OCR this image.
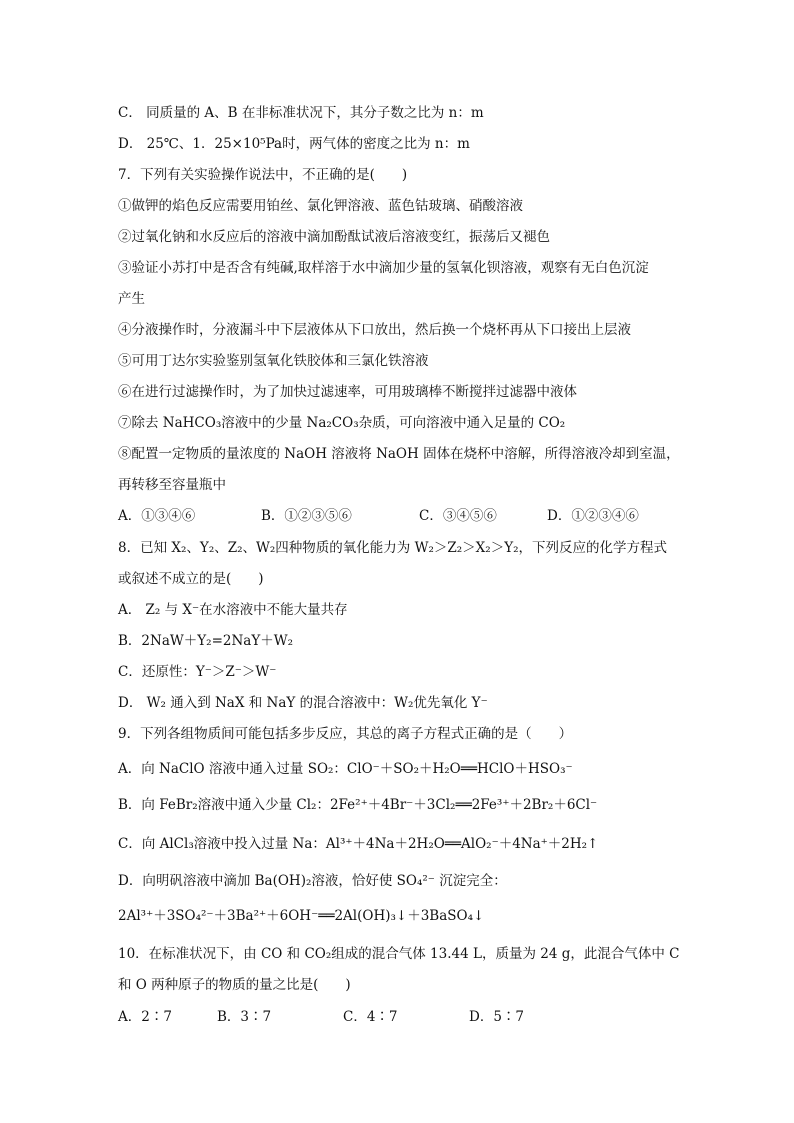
C． 同质量的 A、B 在非标准状况下，其分子数之比为 n：m
D． 25℃、1．25×10⁵Pa时，两气体的密度之比为 n：m
7．下列有关实验操作说法中，不正确的是(　　)
①做钾的焰色反应需要用铂丝、氯化钾溶液、蓝色钴玻璃、硝酸溶液
②过氧化钠和水反应后的溶液中滴加酚酞试液后溶液变红，振荡后又褪色
③验证小苏打中是否含有纯碱,取样溶于水中滴加少量的氢氧化钡溶液，观察有无白色沉淀
产生
④分液操作时，分液漏斗中下层液体从下口放出，然后换一个烧杯再从下口接出上层液
⑤可用丁达尔实验鉴别氢氧化铁胶体和三氯化铁溶液
⑥在进行过滤操作时，为了加快过滤速率，可用玻璃棒不断搅拌过滤器中液体
⑦除去 NaHCO₃溶液中的少量 Na₂CO₃杂质，可向溶液中通入足量的 CO₂
⑧配置一定物质的量浓度的 NaOH 溶液将 NaOH 固体在烧杯中溶解，所得溶液冷却到室温，
再转移至容量瓶中
A．①③④⑥	B．①②③⑤⑥	C．③④⑤⑥	D．①②③④⑥
8．已知 X₂、Y₂、Z₂、W₂四种物质的氧化能力为 W₂＞Z₂＞X₂＞Y₂，下列反应的化学方程式
或叙述不成立的是(　　)
A． Z₂ 与 X⁻在水溶液中不能大量共存
B．2NaW＋Y₂=2NaY＋W₂
C．还原性：Y⁻＞Z⁻＞W⁻
D． W₂ 通入到 NaX 和 NaY 的混合溶液中：W₂优先氧化 Y⁻
9．下列各组物质间可能包括多步反应，其总的离子方程式正确的是（　　）
A．向 NaClO 溶液中通入过量 SO₂：ClO⁻＋SO₂＋H₂O══HClO＋HSO₃⁻
B．向 FeBr₂溶液中通入少量 Cl₂：2Fe²⁺＋4Br⁻＋3Cl₂══2Fe³⁺＋2Br₂＋6Cl⁻
C．向 AlCl₃溶液中投入过量 Na：Al³⁺＋4Na＋2H₂O══AlO₂⁻＋4Na⁺＋2H₂↑
D．向明矾溶液中滴加 Ba(OH)₂溶液，恰好使 SO₄²⁻ 沉淀完全：
2Al³⁺＋3SO₄²⁻＋3Ba²⁺＋6OH⁻══2Al(OH)₃↓＋3BaSO₄↓
10．在标准状况下，由 CO 和 CO₂组成的混合气体 13.44 L，质量为 24 g，此混合气体中 C
和 O 两种原子的物质的量之比是(　　)
A．2∶7	B．3∶7	C．4∶7	D．5∶7
